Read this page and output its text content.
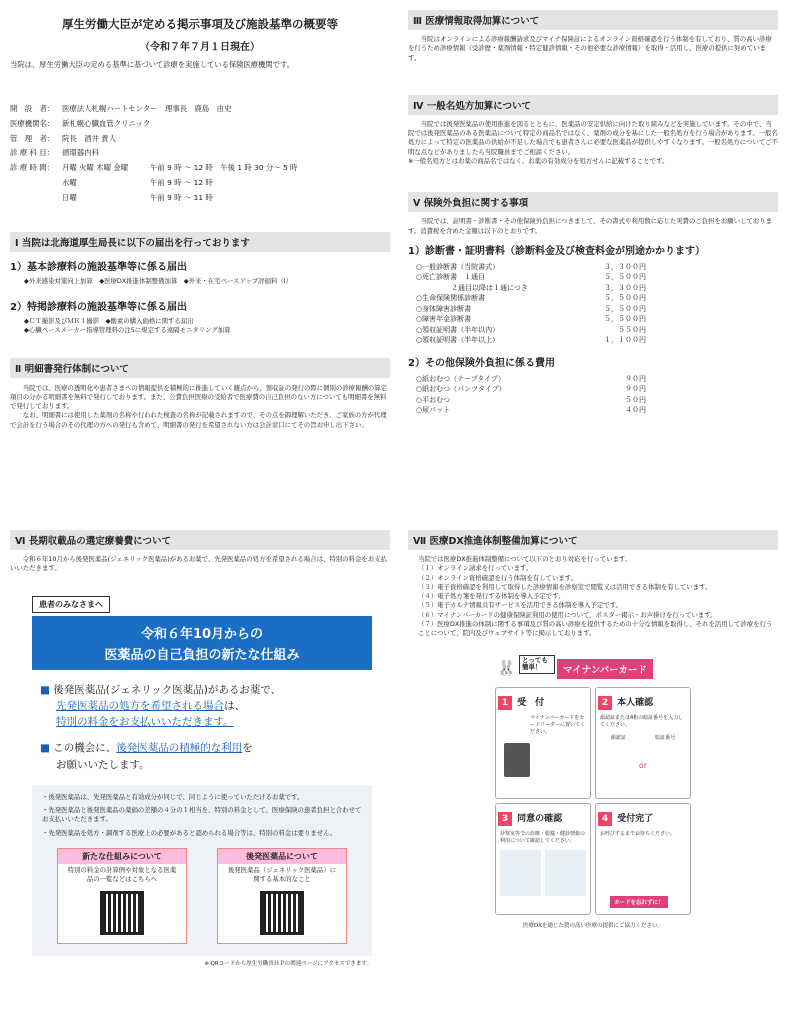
厚生労働大臣が定める掲示事項及び施設基準の概要等
（令和７年７月１日現在）
当院は、厚生労働大臣の定める基準に基づいて診療を実施している保険医療機関です。
開　設　者：	医療法人札幌ハートセンター　理事長　鹿島　由史
医療機関名：	新札幌心臓血管クリニック
管　理　者：	院長　酒井 貴人
診 療 科 目：	循環器内科
診 療 時 間：	月曜 火曜 木曜 金曜	午前 9 時 〜 12 時　午後 1 時 30 分〜 5 時
水曜	午前 9 時 〜 12 時
日曜	午前 9 時 〜 11 時
Ⅰ 当院は北海道厚生局長に以下の届出を行っております
1）基本診療料の施設基準等に係る届出
◆外来感染対策向上加算　◆医療DX推進体制整備加算　◆外来・在宅ベースアップ評価料（Ⅰ）
2）特掲診療料の施設基準等に係る届出
◆ＣＴ撮影及びＭＲＩ撮影　◆酸素の購入価格に関する届出
◆心臓ペースメーカー指導管理料の注5に規定する遠隔モニタリング加算
Ⅱ 明細書発行体制について
当院では、医療の透明化や患者さまへの情報提供を積極的に推進していく観点から、領収証の発行の際に個別の診療報酬の算定項目の分かる明細書を無料で発行しております。また、公費負担医療の受給者で医療費の自己負担のない方についても明細書を無料で発行しております。
なお、明細書には使用した薬剤の名称や行われた検査の名称が記載されますので、その点を御理解いただき、ご家族の方が代理で会計を行う場合のその代理の方への発行も含めて、明細書の発行を希望されない方は会計窓口にてその旨お申し出下さい。
Ⅲ 医療情報取得加算について
当院はオンラインによる診療報酬請求及びマイナ保険証によるオンライン資格確認を行う体制を有しており、質の高い診療を行うため診療情報（受診歴・薬剤情報・特定健診情報・その他必要な診療情報）を取得・活用し、医療の提供に努めています。
Ⅳ 一般名処方加算について
当院では後発医薬品の使用推進を図るとともに、医薬品の安定供給に向けた取り組みなどを実施しています。その中で、当院では後発医薬品のある医薬品について特定の商品名ではなく、薬剤の成分を基にした一般名処方を行う場合があります。一般名処方によって特定の医薬品の供給が不足した場合でも患者さんに必要な医薬品が提供しやすくなります。一般名処方についてご不明な点などがありましたら当院職員までご相談ください。
※一般名処方とはお薬の商品名ではなく、お薬の有効成分を処方せんに記載することです。
Ⅴ 保険外負担に関する事項
当院では、証明書・診断書・その他保険外負担につきまして、その書式や利用数に応じた実費のご負担をお願いしております。消費税を含めた金額は以下のとおりです。
1）診断書・証明書料（診断料金及び検査料金が別途かかります）
○一般診断書（当院書式）	３，３００円
○死亡診断書　１通目	５，５００円
　　　　　２通目以降は１通につき	３，３００円
○生命保険関係診断書	５，５００円
○身体障害診断書	５，５００円
○障害年金診断書	５，５００円
○領収証明書（半年以内）	５５０円
○領収証明書（半年以上）	１，１００円
2）その他保険外負担に係る費用
○紙おむつ（テープタイプ）	９０円
○紙おむつ（パンツタイプ）	９０円
○平おむつ	５０円
○尿パット	４０円
Ⅵ 長期収載品の選定療養費について
令和６年10月から後発医薬品(ジェネリック医薬品)があるお薬で、先発医薬品の処方を希望される場合は、特別の料金をお支払いいただきます。
患者のみなさまへ
令和６年10月からの
医薬品の自己負担の新たな仕組み
■ 後発医薬品(ジェネリック医薬品)があるお薬で、
先発医薬品の処方を希望される場合は、
特別の料金をお支払いいただきます。
■ この機会に、後発医薬品の積極的な利用を
お願いいたします。
・後発医薬品は、先発医薬品と有効成分が同じで、同じように使っていただけるお薬です。
・先発医薬品と後発医薬品の薬価の差額の４分の１相当を、特別の料金として、医療保険の患者負担と合わせてお支払いいただきます。
・先発医薬品を処方・調剤する医療上の必要があると認められる場合等は、特別の料金は要りません。
新たな仕組みについて
特別の料金の計算例や対象となる医薬品の一覧などはこちらへ
後発医薬品について
後発医薬品（ジェネリック医薬品）に関する基本的なこと
※ QRコードから厚生労働省ＨＰの関連ページにアクセスできます。
Ⅶ 医療DX推進体制整備加算について
当院では医療DX推進体制整備について以下のとおり対応を行っています。
（１）オンライン請求を行っています。
（２）オンライン資格確認を行う体制を有しています。
（３）電子資格確認を利用して取得した診療情報を診察室で閲覧又は活用できる体制を有しています。
（４）電子処方箋を発行する体制を導入予定です。
（５）電子カルテ情報共有サービスを活用できる体制を導入予定です。
（６）マイナンバーカードの健康保険証利用の使用について、ポスター掲示・お声掛けを行っています。
（７）医療DX推進の体制に関する事項及び質の高い診療を提供するための十分な情報を取得し、それを活用して診療を行うことについて、院内及びウェブサイト等に掲示しております。
🐰 とっても簡単！	マイナンバーカード
1 受　付
マイナンバーカードをカードリーダーに置いてください。
2 本人確認
顔認証または4桁の暗証番号を入力してください。
顔認証	暗証番号
or
3 同意の確認
診察室等での診療・服薬・健診情報の利用について確認してください。
4 受付完了
お呼びするまでお待ちください。
カードを忘れずに！
医療DXを通じた質の高い医療の提供にご協力ください。
